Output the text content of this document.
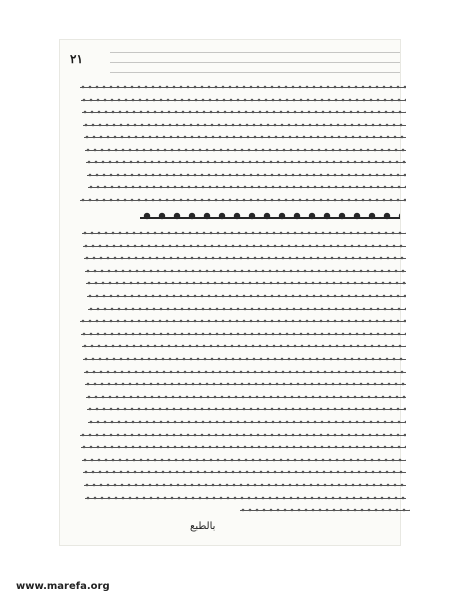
٢١
بالطبع
www.marefa.org
